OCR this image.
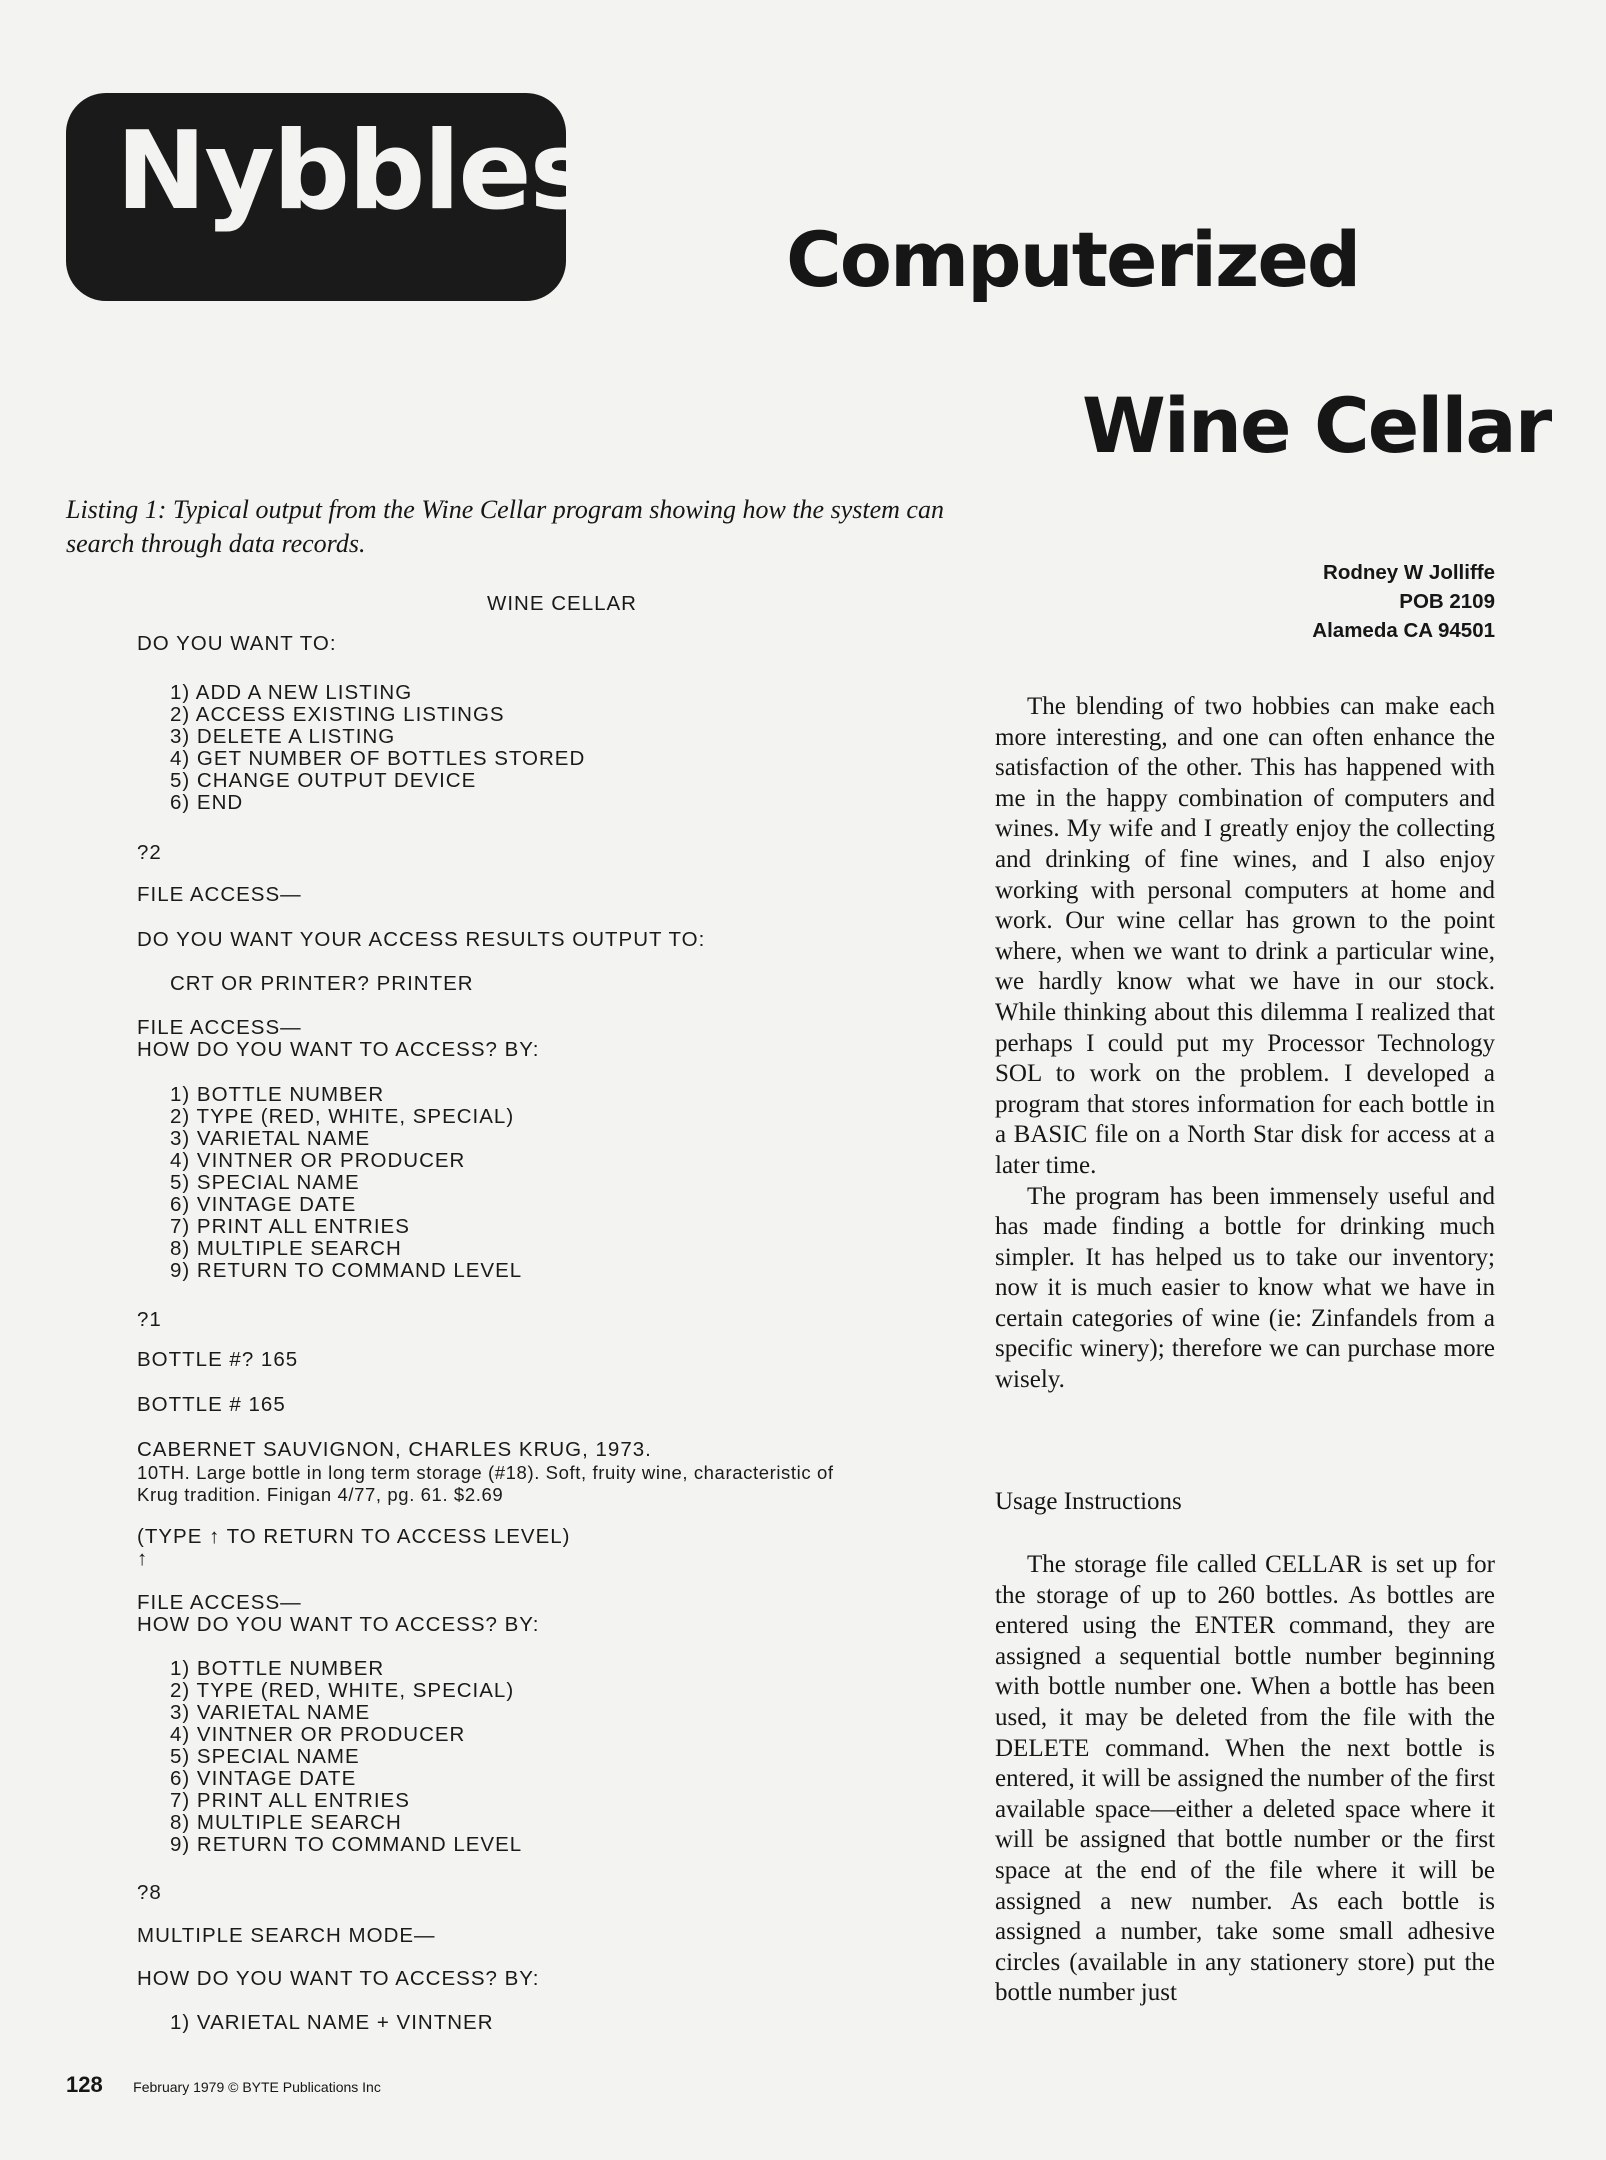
Nybbles
Computerized
Wine Cellar
Listing 1: Typical output from the Wine Cellar program showing how the system can search through data records.
Rodney W Jolliffe
POB 2109
Alameda CA 94501
WINE CELLAR
DO YOU WANT TO:
1) ADD A NEW LISTING
2) ACCESS EXISTING LISTINGS
3) DELETE A LISTING
4) GET NUMBER OF BOTTLES STORED
5) CHANGE OUTPUT DEVICE
6) END
?2
FILE ACCESS—
DO YOU WANT YOUR ACCESS RESULTS OUTPUT TO:
CRT OR PRINTER? PRINTER
FILE ACCESS—
HOW DO YOU WANT TO ACCESS? BY:
1) BOTTLE NUMBER
2) TYPE (RED, WHITE, SPECIAL)
3) VARIETAL NAME
4) VINTNER OR PRODUCER
5) SPECIAL NAME
6) VINTAGE DATE
7) PRINT ALL ENTRIES
8) MULTIPLE SEARCH
9) RETURN TO COMMAND LEVEL
?1
BOTTLE #? 165
BOTTLE # 165
CABERNET SAUVIGNON, CHARLES KRUG, 1973.
10TH. Large bottle in long term storage (#18). Soft, fruity wine, characteristic of
Krug tradition. Finigan 4/77, pg. 61. $2.69
(TYPE ↑ TO RETURN TO ACCESS LEVEL)
↑
FILE ACCESS—
HOW DO YOU WANT TO ACCESS? BY:
1) BOTTLE NUMBER
2) TYPE (RED, WHITE, SPECIAL)
3) VARIETAL NAME
4) VINTNER OR PRODUCER
5) SPECIAL NAME
6) VINTAGE DATE
7) PRINT ALL ENTRIES
8) MULTIPLE SEARCH
9) RETURN TO COMMAND LEVEL
?8
MULTIPLE SEARCH MODE—
HOW DO YOU WANT TO ACCESS? BY:
1) VARIETAL NAME + VINTNER

The blending of two hobbies can make each more interesting, and one can often enhance the satisfaction of the other. This has happened with me in the happy combination of computers and wines. My wife and I greatly enjoy the collecting and drinking of fine wines, and I also enjoy working with personal computers at home and work. Our wine cellar has grown to the point where, when we want to drink a particular wine, we hardly know what we have in our stock. While thinking about this dilemma I realized that perhaps I could put my Processor Technology SOL to work on the problem. I developed a program that stores information for each bottle in a BASIC file on a North Star disk for access at a later time.

The program has been immensely useful and has made finding a bottle for drinking much simpler. It has helped us to take our inventory; now it is much easier to know what we have in certain categories of wine (ie: Zinfandels from a specific winery); therefore we can purchase more wisely.

Usage Instructions

The storage file called CELLAR is set up for the storage of up to 260 bottles. As bottles are entered using the ENTER command, they are assigned a sequential bottle number beginning with bottle number one. When a bottle has been used, it may be deleted from the file with the DELETE command. When the next bottle is entered, it will be assigned the number of the first available space—either a deleted space where it will be assigned that bottle number or the first space at the end of the file where it will be assigned a new number. As each bottle is assigned a number, take some small adhesive circles (available in any stationery store) put the bottle number just

128 February 1979 © BYTE Publications Inc
